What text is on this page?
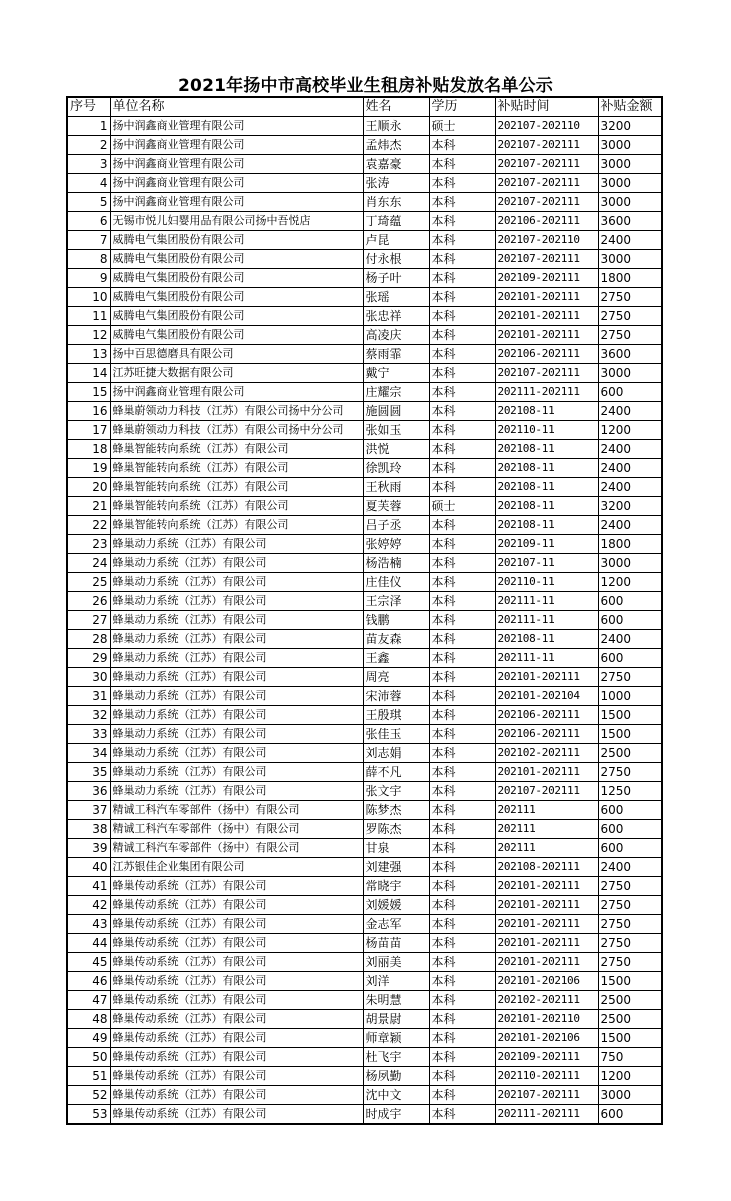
2021年扬中市高校毕业生租房补贴发放名单公示
序号	单位名称	姓名	学历	补贴时间	补贴金额
1	扬中润鑫商业管理有限公司	王顺永	硕士	202107-202110	3200
2	扬中润鑫商业管理有限公司	孟炜杰	本科	202107-202111	3000
3	扬中润鑫商业管理有限公司	袁嘉豪	本科	202107-202111	3000
4	扬中润鑫商业管理有限公司	张涛	本科	202107-202111	3000
5	扬中润鑫商业管理有限公司	肖东东	本科	202107-202111	3000
6	无锡市悦儿妇婴用品有限公司扬中吾悦店	丁琦蕴	本科	202106-202111	3600
7	威腾电气集团股份有限公司	卢昆	本科	202107-202110	2400
8	威腾电气集团股份有限公司	付永根	本科	202107-202111	3000
9	威腾电气集团股份有限公司	杨子叶	本科	202109-202111	1800
10	威腾电气集团股份有限公司	张瑶	本科	202101-202111	2750
11	威腾电气集团股份有限公司	张忠祥	本科	202101-202111	2750
12	威腾电气集团股份有限公司	高凌庆	本科	202101-202111	2750
13	扬中百思德磨具有限公司	蔡雨霏	本科	202106-202111	3600
14	江苏旺捷大数据有限公司	戴宁	本科	202107-202111	3000
15	扬中润鑫商业管理有限公司	庄耀宗	本科	202111-202111	600
16	蜂巢蔚领动力科技（江苏）有限公司扬中分公司	施圆圆	本科	202108-11	2400
17	蜂巢蔚领动力科技（江苏）有限公司扬中分公司	张如玉	本科	202110-11	1200
18	蜂巢智能转向系统（江苏）有限公司	洪悦	本科	202108-11	2400
19	蜂巢智能转向系统（江苏）有限公司	徐凯玲	本科	202108-11	2400
20	蜂巢智能转向系统（江苏）有限公司	王秋雨	本科	202108-11	2400
21	蜂巢智能转向系统（江苏）有限公司	夏芙蓉	硕士	202108-11	3200
22	蜂巢智能转向系统（江苏）有限公司	吕子丞	本科	202108-11	2400
23	蜂巢动力系统（江苏）有限公司	张婷婷	本科	202109-11	1800
24	蜂巢动力系统（江苏）有限公司	杨浩楠	本科	202107-11	3000
25	蜂巢动力系统（江苏）有限公司	庄佳仪	本科	202110-11	1200
26	蜂巢动力系统（江苏）有限公司	王宗泽	本科	202111-11	600
27	蜂巢动力系统（江苏）有限公司	钱鹏	本科	202111-11	600
28	蜂巢动力系统（江苏）有限公司	苗友森	本科	202108-11	2400
29	蜂巢动力系统（江苏）有限公司	王鑫	本科	202111-11	600
30	蜂巢动力系统（江苏）有限公司	周亮	本科	202101-202111	2750
31	蜂巢动力系统（江苏）有限公司	宋沛蓉	本科	202101-202104	1000
32	蜂巢动力系统（江苏）有限公司	王殷琪	本科	202106-202111	1500
33	蜂巢动力系统（江苏）有限公司	张佳玉	本科	202106-202111	1500
34	蜂巢动力系统（江苏）有限公司	刘志娟	本科	202102-202111	2500
35	蜂巢动力系统（江苏）有限公司	薛不凡	本科	202101-202111	2750
36	蜂巢动力系统（江苏）有限公司	张文宇	本科	202107-202111	1250
37	精诚工科汽车零部件（扬中）有限公司	陈梦杰	本科	202111	600
38	精诚工科汽车零部件（扬中）有限公司	罗陈杰	本科	202111	600
39	精诚工科汽车零部件（扬中）有限公司	甘泉	本科	202111	600
40	江苏银佳企业集团有限公司	刘建强	本科	202108-202111	2400
41	蜂巢传动系统（江苏）有限公司	常晓宇	本科	202101-202111	2750
42	蜂巢传动系统（江苏）有限公司	刘媛媛	本科	202101-202111	2750
43	蜂巢传动系统（江苏）有限公司	金志军	本科	202101-202111	2750
44	蜂巢传动系统（江苏）有限公司	杨苗苗	本科	202101-202111	2750
45	蜂巢传动系统（江苏）有限公司	刘丽美	本科	202101-202111	2750
46	蜂巢传动系统（江苏）有限公司	刘洋	本科	202101-202106	1500
47	蜂巢传动系统（江苏）有限公司	朱明慧	本科	202102-202111	2500
48	蜂巢传动系统（江苏）有限公司	胡景尉	本科	202101-202110	2500
49	蜂巢传动系统（江苏）有限公司	师章颖	本科	202101-202106	1500
50	蜂巢传动系统（江苏）有限公司	杜飞宇	本科	202109-202111	750
51	蜂巢传动系统（江苏）有限公司	杨夙勤	本科	202110-202111	1200
52	蜂巢传动系统（江苏）有限公司	沈中文	本科	202107-202111	3000
53	蜂巢传动系统（江苏）有限公司	时成宇	本科	202111-202111	600
